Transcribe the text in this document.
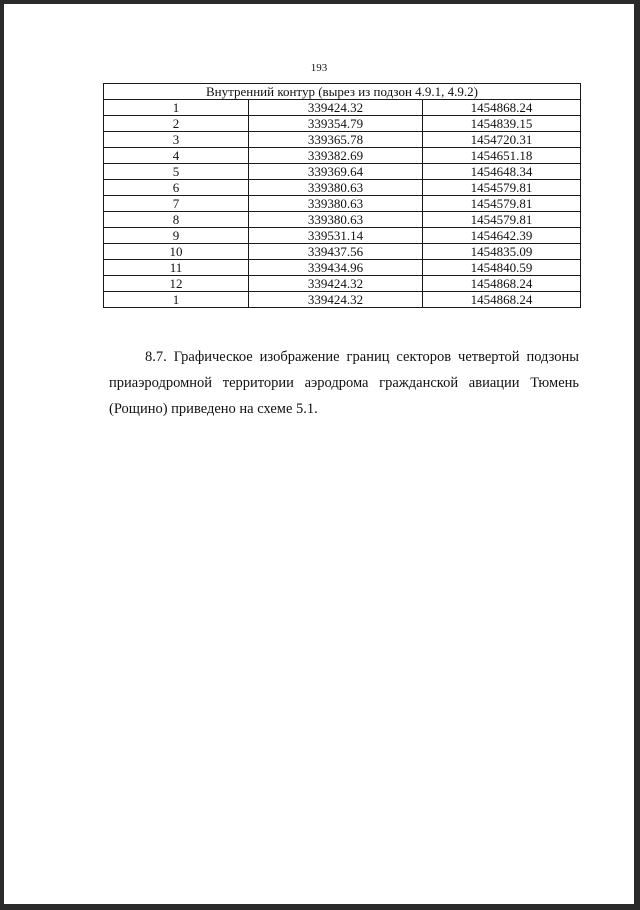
193
Внутренний контур (вырез из подзон 4.9.1, 4.9.2)		
1	339424.32	1454868.24
2	339354.79	1454839.15
3	339365.78	1454720.31
4	339382.69	1454651.18
5	339369.64	1454648.34
6	339380.63	1454579.81
7	339380.63	1454579.81
8	339380.63	1454579.81
9	339531.14	1454642.39
10	339437.56	1454835.09
11	339434.96	1454840.59
12	339424.32	1454868.24
1	339424.32	1454868.24

8.7. Графическое изображение границ секторов четвертой подзоны приаэродромной территории аэродрома гражданской авиации Тюмень (Рощино) приведено на схеме 5.1.
